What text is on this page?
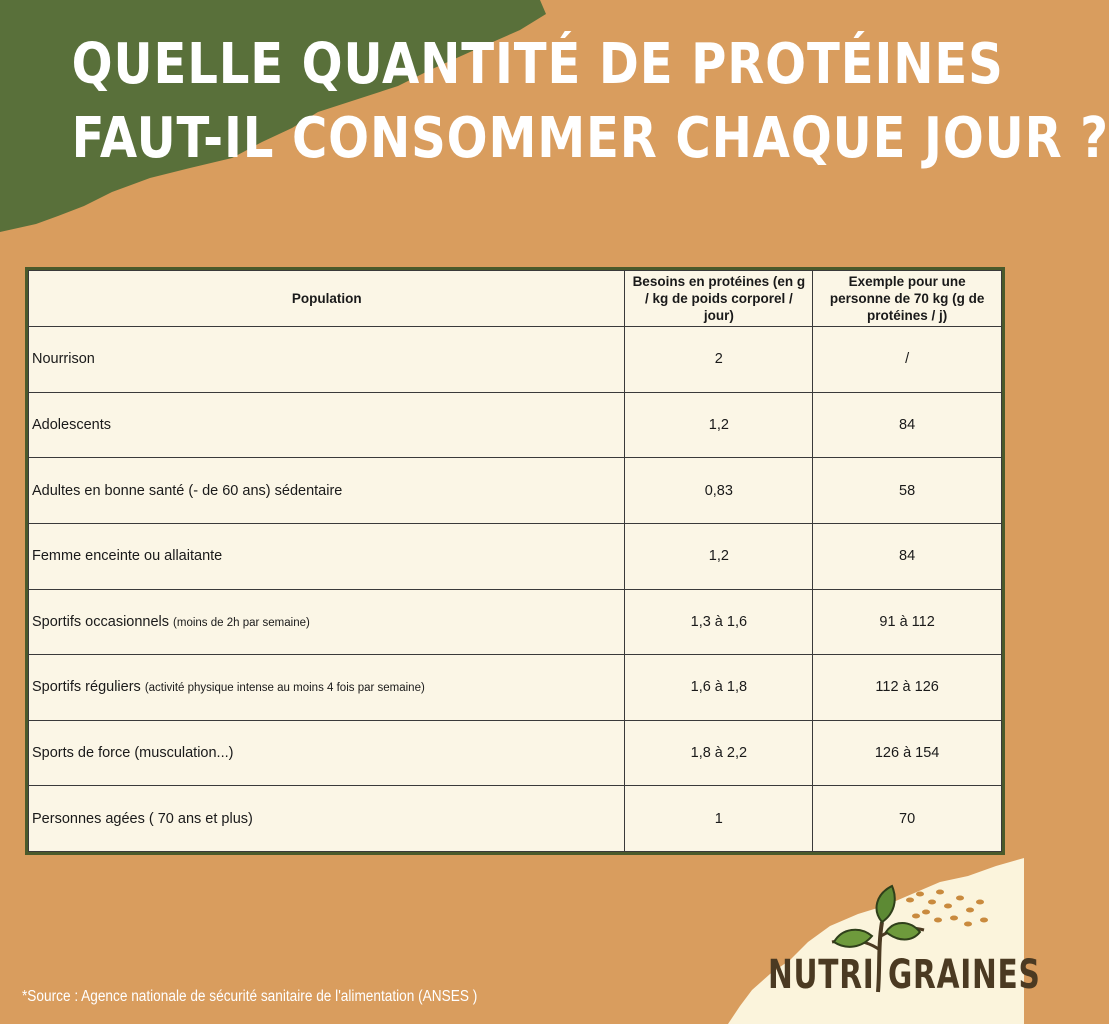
QUELLE QUANTITÉ DE PROTÉINES
FAUT-IL CONSOMMER CHAQUE JOUR ?
Population	Besoins en protéines (en g / kg de poids corporel / jour)	Exemple pour une personne de 70 kg (g de protéines / j)
Nourrison	2	/
Adolescents	1,2	84
Adultes en bonne santé (- de 60 ans) sédentaire	0,83	58
Femme enceinte ou allaitante	1,2	84
Sportifs occasionnels (moins de 2h par semaine)	1,3 à 1,6	91 à 112
Sportifs réguliers (activité physique intense au moins 4 fois par semaine)	1,6 à 1,8	112 à 126
Sports de force (musculation...)	1,8 à 2,2	126 à 154
Personnes agées ( 70 ans et plus)	1	70
*Source : Agence nationale de sécurité sanitaire de l'alimentation (ANSES )	NUTRI GRAINES
